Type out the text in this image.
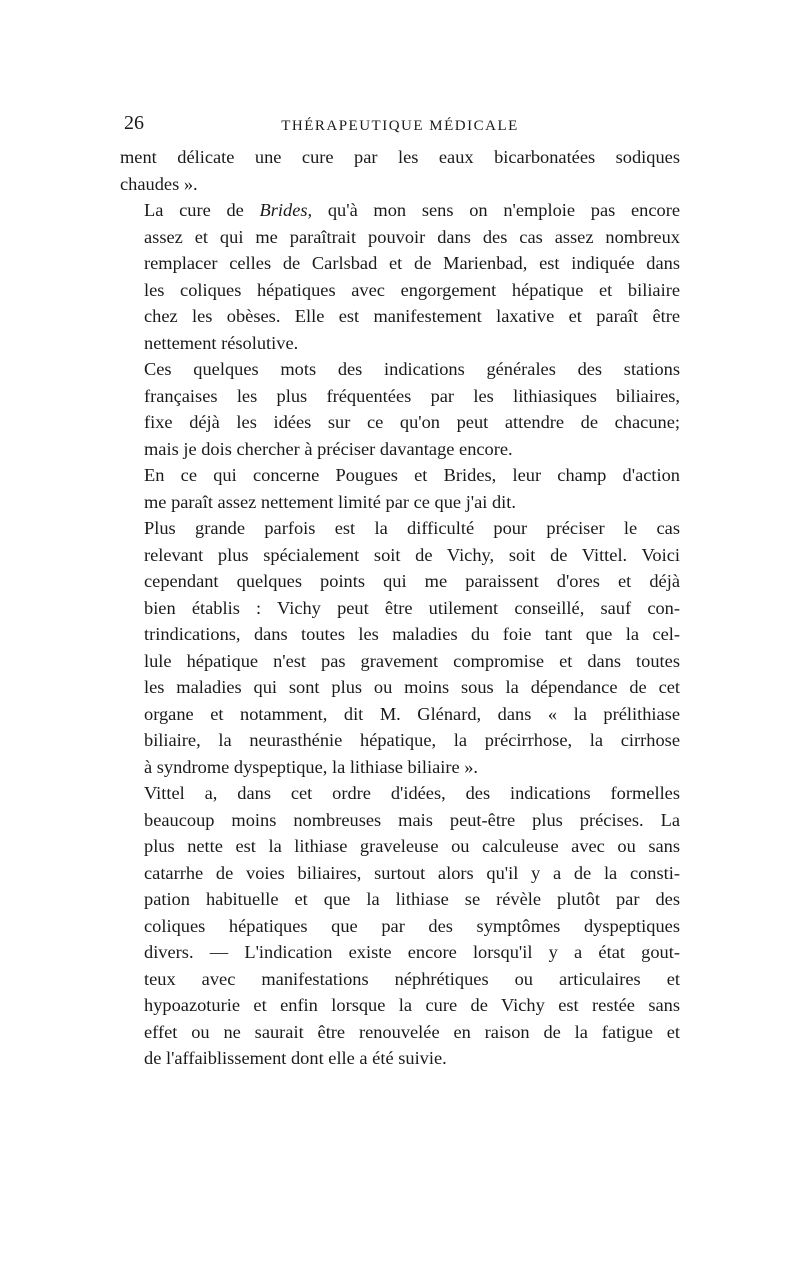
26	THÉRAPEUTIQUE MÉDICALE

ment délicate une cure par les eaux bicarbonatées sodiques
chaudes ».

La cure de Brides, qu'à mon sens on n'emploie pas encore
assez et qui me paraîtrait pouvoir dans des cas assez nombreux
remplacer celles de Carlsbad et de Marienbad, est indiquée dans
les coliques hépatiques avec engorgement hépatique et biliaire
chez les obèses. Elle est manifestement laxative et paraît être
nettement résolutive.

Ces quelques mots des indications générales des stations
françaises les plus fréquentées par les lithiasiques biliaires,
fixe déjà les idées sur ce qu'on peut attendre de chacune;
mais je dois chercher à préciser davantage encore.

En ce qui concerne Pougues et Brides, leur champ d'action
me paraît assez nettement limité par ce que j'ai dit.

Plus grande parfois est la difficulté pour préciser le cas
relevant plus spécialement soit de Vichy, soit de Vittel. Voici
cependant quelques points qui me paraissent d'ores et déjà
bien établis : Vichy peut être utilement conseillé, sauf con-
trindications, dans toutes les maladies du foie tant que la cel-
lule hépatique n'est pas gravement compromise et dans toutes
les maladies qui sont plus ou moins sous la dépendance de cet
organe et notamment, dit M. Glénard, dans « la prélithiase
biliaire, la neurasthénie hépatique, la précirrhose, la cirrhose
à syndrome dyspeptique, la lithiase biliaire ».

Vittel a, dans cet ordre d'idées, des indications formelles
beaucoup moins nombreuses mais peut-être plus précises. La
plus nette est la lithiase graveleuse ou calculeuse avec ou sans
catarrhe de voies biliaires, surtout alors qu'il y a de la consti-
pation habituelle et que la lithiase se révèle plutôt par des
coliques hépatiques que par des symptômes dyspeptiques
divers. — L'indication existe encore lorsqu'il y a état gout-
teux avec manifestations néphrétiques ou articulaires et
hypoazoturie et enfin lorsque la cure de Vichy est restée sans
effet ou ne saurait être renouvelée en raison de la fatigue et
de l'affaiblissement dont elle a été suivie.
